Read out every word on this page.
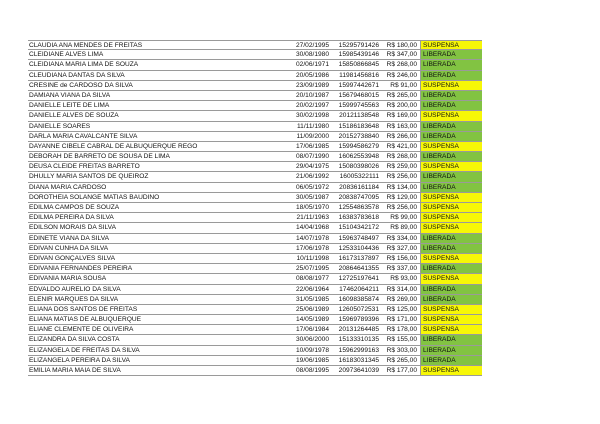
CLAUDIA ANA MENDES DE FREITAS	27/02/1995	15295791426	R$ 180,00 SUSPENSA
CLEIDIANE ALVES LIMA	30/08/1980	15985439146	R$ 347,00 LIBERADA
CLEIDIANA MARIA LIMA DE SOUZA	02/06/1971	15850866845	R$ 268,00 LIBERADA
CLEUDIANA DANTAS DA SILVA	20/05/1986	11981456816	R$ 246,00 LIBERADA
CRESINE de CARDOSO DA SILVA	23/09/1989	15997442671	R$ 91,00 SUSPENSA
DAMIANA VIANA DA SILVA	20/10/1987	15679468015	R$ 265,00 LIBERADA
DANIELLE LEITE DE LIMA	20/02/1997	15999745563	R$ 200,00 LIBERADA
DANIELLE ALVES DE SOUZA	30/02/1998	20121138548	R$ 169,00 SUSPENSA
DANIELLE SOARES	11/11/1980	15186183648	R$ 163,00 LIBERADA
DARLA MARIA CAVALCANTE SILVA	11/09/2000	20152738840	R$ 266,00 LIBERADA
DAYANNE CIBELE CABRAL DE ALBUQUERQUE REGO	17/06/1985	15994586279	R$ 421,00 SUSPENSA
DEBORAH DE BARRETO DE SOUSA DE LIMA	08/07/1990	16062553948	R$ 268,00 LIBERADA
DEUSA CLEIDE FREITAS BARRETO	29/04/1975	15080398026	R$ 259,00 SUSPENSA
DHULLY MARIA SANTOS DE QUEIROZ	21/06/1992	16005322111	R$ 256,00 LIBERADA
DIANA MARIA CARDOSO	06/05/1972	20836161184	R$ 134,00 LIBERADA
DOROTHEIA SOLANGE MATIAS BAUDINO	30/05/1987	20838747095	R$ 129,00 SUSPENSA
EDILMA CAMPOS DE SOUZA	18/05/1970	12554863578	R$ 256,00 SUSPENSA
EDILMA PEREIRA DA SILVA	21/11/1963	16383783618	R$ 99,00 SUSPENSA
EDILSON MORAIS DA SILVA	14/04/1968	15104342172	R$ 89,00 SUSPENSA
EDINETE VIANA DA SILVA	14/07/1978	15963748497	R$ 334,00 LIBERADA
EDIVAN CUNHA DA SILVA	17/06/1978	12533104436	R$ 327,00 LIBERADA
EDIVAN GONÇALVES SILVA	10/11/1998	16173137897	R$ 156,00 SUSPENSA
EDIVANIA FERNANDES PEREIRA	25/07/1995	20864641355	R$ 337,00 LIBERADA
EDIVANIA MARIA SOUSA	08/08/1977	12725197641	R$ 93,00 SUSPENSA
EDVALDO AURELIO DA SILVA	22/06/1964	17462064211	R$ 314,00 LIBERADA
ELENIR MARQUES DA SILVA	31/05/1985	16098385874	R$ 269,00 LIBERADA
ELIANA DOS SANTOS DE FREITAS	25/06/1989	12605072531	R$ 125,00 SUSPENSA
ELIANA MATIAS DE ALBUQUERQUE	14/05/1989	15969789396	R$ 171,00 SUSPENSA
ELIANE CLEMENTE DE OLIVEIRA	17/06/1984	20131264485	R$ 178,00 SUSPENSA
ELIZANDRA DA SILVA COSTA	30/06/2000	15133310135	R$ 155,00 LIBERADA
ELIZANGELA DE FREITAS DA SILVA	10/09/1978	15962999163	R$ 303,00 LIBERADA
ELIZANGELA PEREIRA DA SILVA	19/06/1985	16183031345	R$ 265,00 LIBERADA
EMILIA MARIA MAIA DE SILVA	08/08/1995	20973641039	R$ 177,00 SUSPENSA
